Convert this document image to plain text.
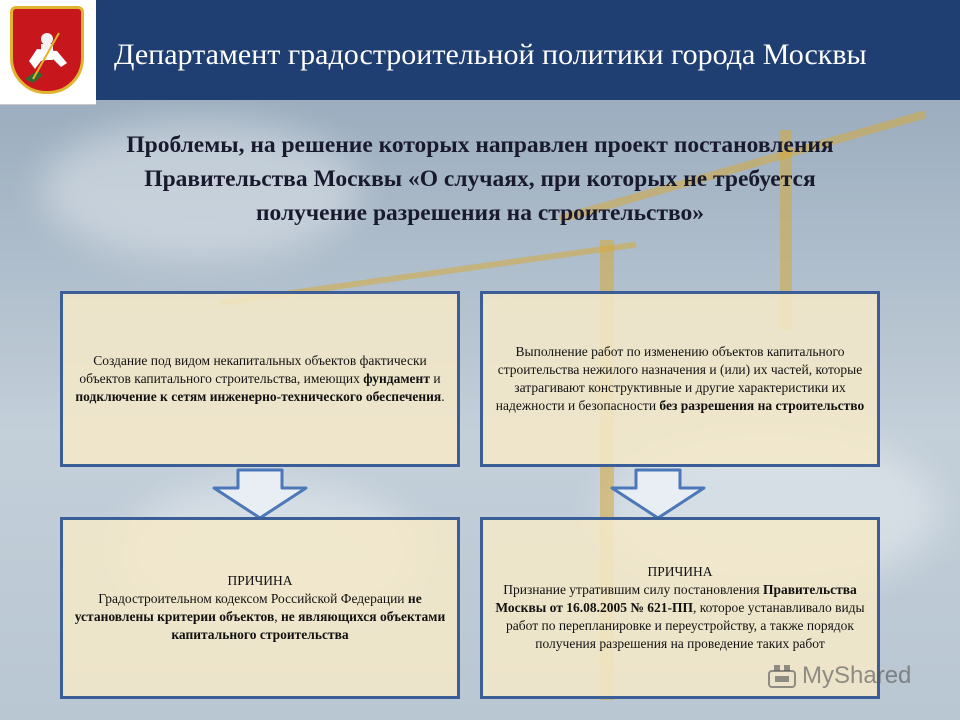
Департамент градостроительной политики города Москвы
Проблемы, на решение которых направлен проект постановления Правительства Москвы «О случаях, при которых не требуется получение разрешения на строительство»
Создание под видом некапитальных объектов фактически объектов капитального строительства, имеющих фундамент и подключение к сетям инженерно-технического обеспечения.
Выполнение работ по изменению объектов капитального строительства нежилого назначения и (или) их частей, которые затрагивают конструктивные и другие характеристики их надежности и безопасности без разрешения на строительство
ПРИЧИНА
Градостроительном кодексом Российской Федерации не установлены критерии объектов, не являющихся объектами капитального строительства
ПРИЧИНА
Признание утратившим силу постановления Правительства Москвы от 16.08.2005 № 621-ПП, которое устанавливало виды работ по перепланировке и переустройству, а также порядок получения разрешения на проведение таких работ
MyShared
